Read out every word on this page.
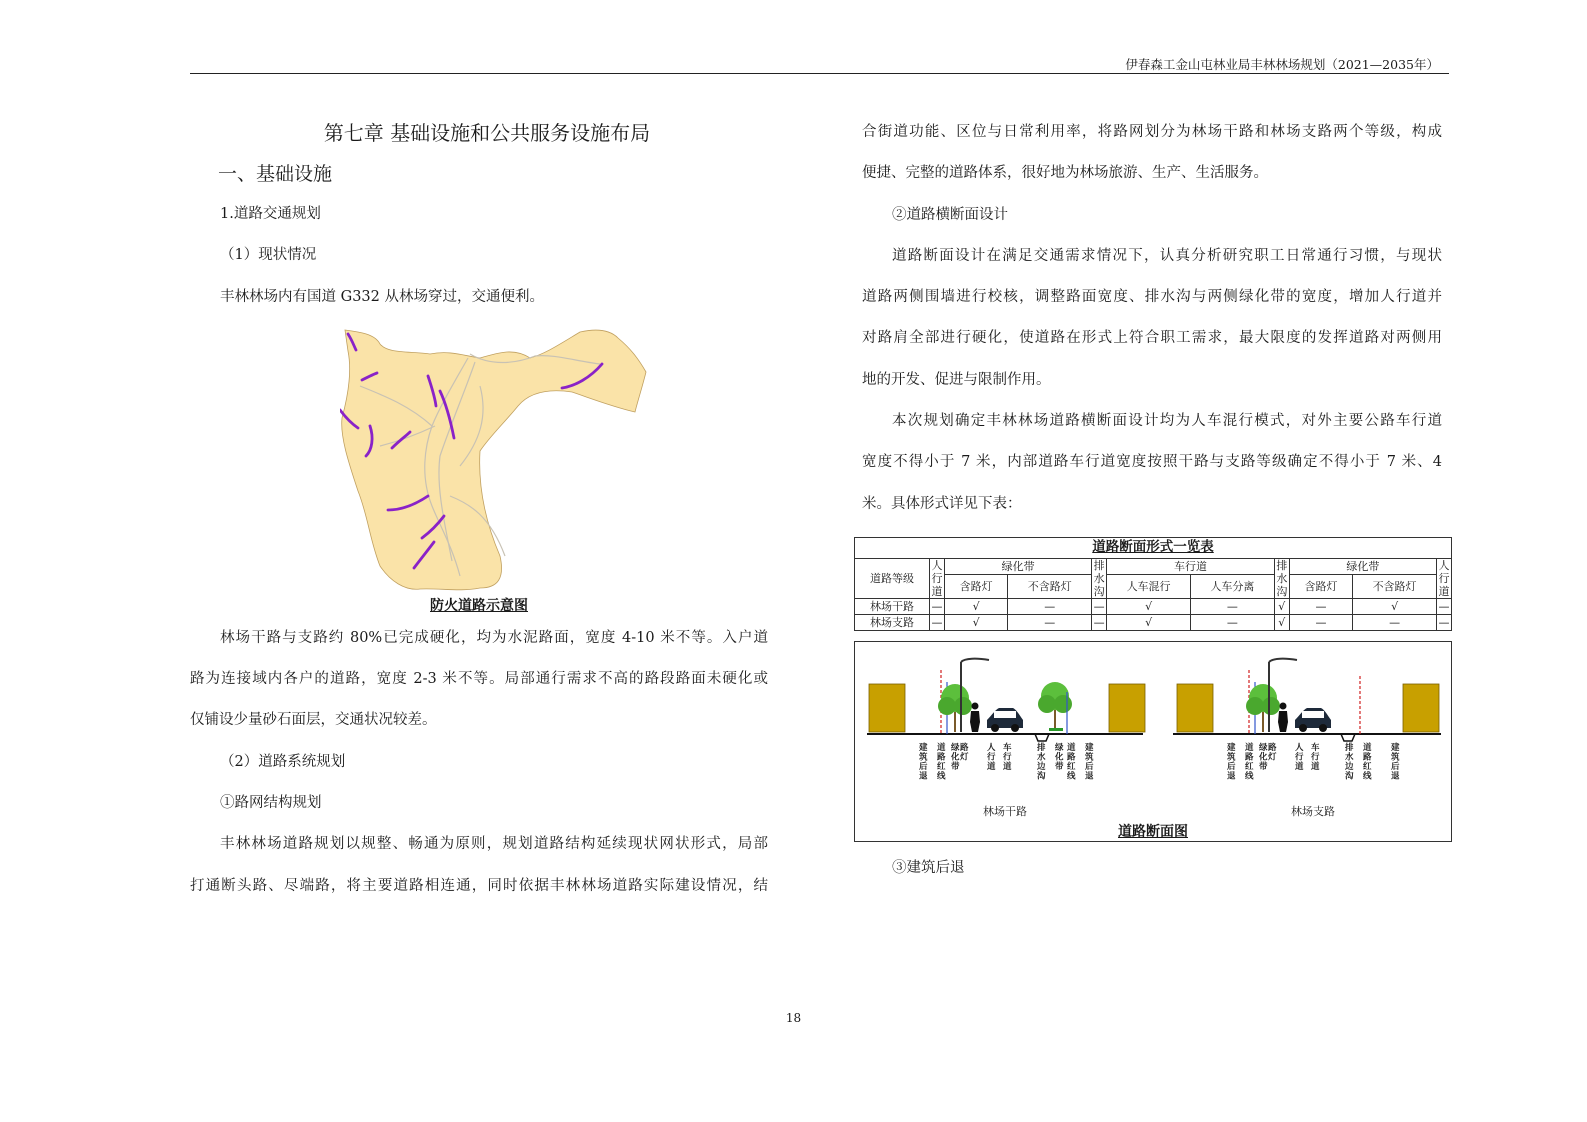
伊春森工金山屯林业局丰林林场规划（2021—2035年）
第七章 基础设施和公共服务设施布局
一、基础设施
1.道路交通规划
（1）现状情况
丰林林场内有国道 G332 从林场穿过，交通便利。
防火道路示意图
林场干路与支路约 80%已完成硬化，均为水泥路面，宽度 4-10 米不等。入户道
路为连接域内各户的道路，宽度 2-3 米不等。局部通行需求不高的路段路面未硬化或
仅铺设少量砂石面层，交通状况较差。
（2）道路系统规划
①路网结构规划
丰林林场道路规划以规整、畅通为原则，规划道路结构延续现状网状形式，局部
打通断头路、尽端路，将主要道路相连通，同时依据丰林林场道路实际建设情况，结
合街道功能、区位与日常利用率，将路网划分为林场干路和林场支路两个等级，构成
便捷、完整的道路体系，很好地为林场旅游、生产、生活服务。
②道路横断面设计
道路断面设计在满足交通需求情况下，认真分析研究职工日常通行习惯，与现状
道路两侧围墙进行校核，调整路面宽度、排水沟与两侧绿化带的宽度，增加人行道并
对路肩全部进行硬化，使道路在形式上符合职工需求，最大限度的发挥道路对两侧用
地的开发、促进与限制作用。
本次规划确定丰林林场道路横断面设计均为人车混行模式，对外主要公路车行道
宽度不得小于 7 米，内部道路车行道宽度按照干路与支路等级确定不得小于 7 米、4
米。具体形式详见下表：
道路断面形式一览表										
道路等级	人
行
道	绿化带		排
水
沟	车行道		排
水
沟	绿化带		人
行
道
		含路灯	不含路灯		人车混行	人车分离		含路灯	不含路灯	
林场干路	—	√	—	—	√	—	√	—	√	—
林场支路	—	√	—	—	√	—	√	—	—	—
建
筑
后
退
道
路
红
线
绿
化
带
路
灯
人
行
道
车
行
道
排
水
边
沟
绿
化
带
道
路
红
线
建
筑
后
退
建
筑
后
退
道
路
红
线
绿
化
带
路
灯
人
行
道
车
行
道
排
水
边
沟
道
路
红
线
建
筑
后
退
林场干路	林场支路
道路断面图
③建筑后退
18
